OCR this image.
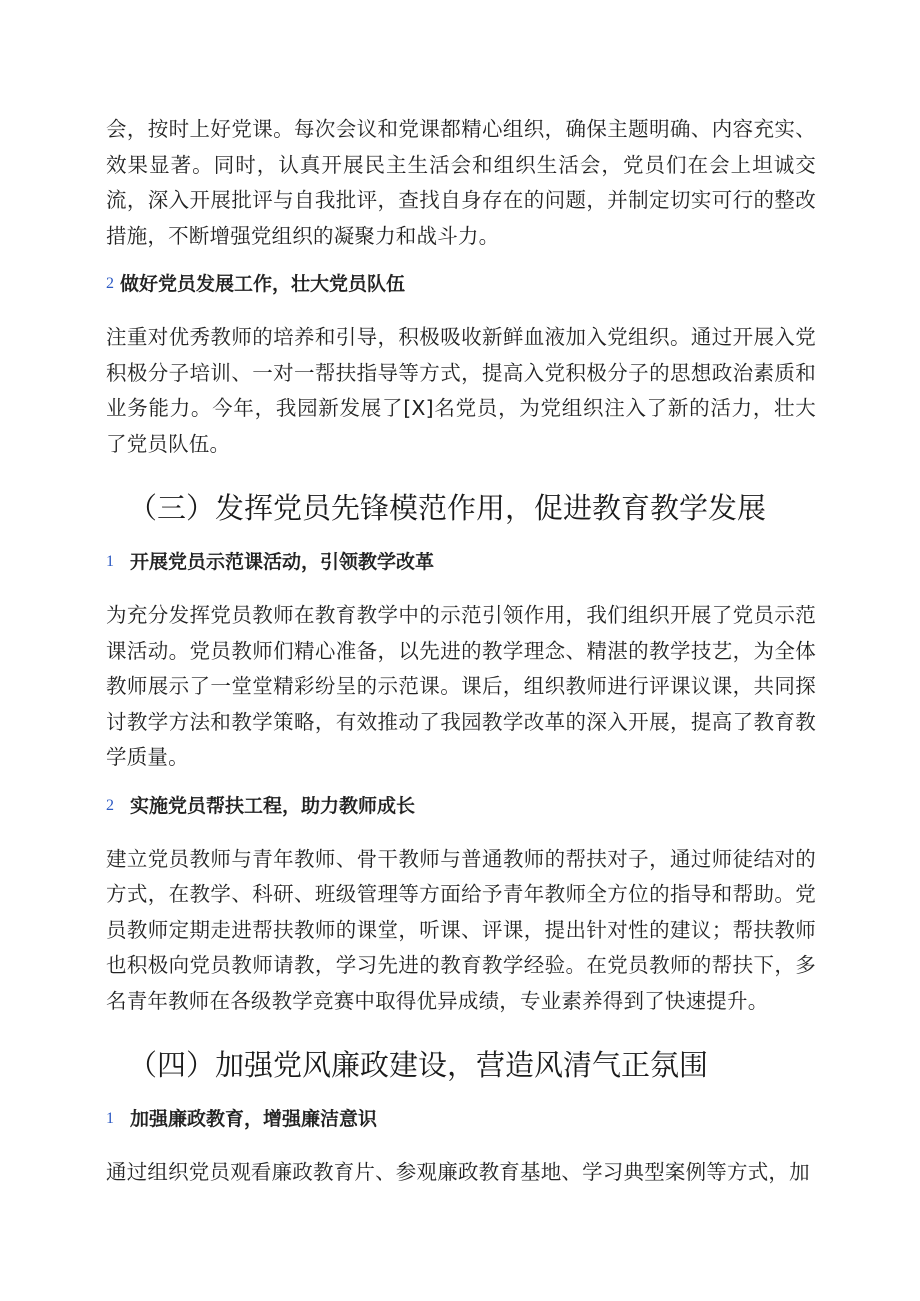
会，按时上好党课。每次会议和党课都精心组织，确保主题明确、内容充实、效果显著。同时，认真开展民主生活会和组织生活会，党员们在会上坦诚交流，深入开展批评与自我批评，查找自身存在的问题，并制定切实可行的整改措施，不断增强党组织的凝聚力和战斗力。

2 做好党员发展工作，壮大党员队伍

注重对优秀教师的培养和引导，积极吸收新鲜血液加入党组织。通过开展入党积极分子培训、一对一帮扶指导等方式，提高入党积极分子的思想政治素质和业务能力。今年，我园新发展了[X]名党员，为党组织注入了新的活力，壮大了党员队伍。

（三）发挥党员先锋模范作用，促进教育教学发展
1 开展党员示范课活动，引领教学改革

为充分发挥党员教师在教育教学中的示范引领作用，我们组织开展了党员示范课活动。党员教师们精心准备，以先进的教学理念、精湛的教学技艺，为全体教师展示了一堂堂精彩纷呈的示范课。课后，组织教师进行评课议课，共同探讨教学方法和教学策略，有效推动了我园教学改革的深入开展，提高了教育教学质量。

2 实施党员帮扶工程，助力教师成长

建立党员教师与青年教师、骨干教师与普通教师的帮扶对子，通过师徒结对的方式，在教学、科研、班级管理等方面给予青年教师全方位的指导和帮助。党员教师定期走进帮扶教师的课堂，听课、评课，提出针对性的建议；帮扶教师也积极向党员教师请教，学习先进的教育教学经验。在党员教师的帮扶下，多名青年教师在各级教学竞赛中取得优异成绩，专业素养得到了快速提升。

（四）加强党风廉政建设，营造风清气正氛围
1 加强廉政教育，增强廉洁意识

通过组织党员观看廉政教育片、参观廉政教育基地、学习典型案例等方式，加
